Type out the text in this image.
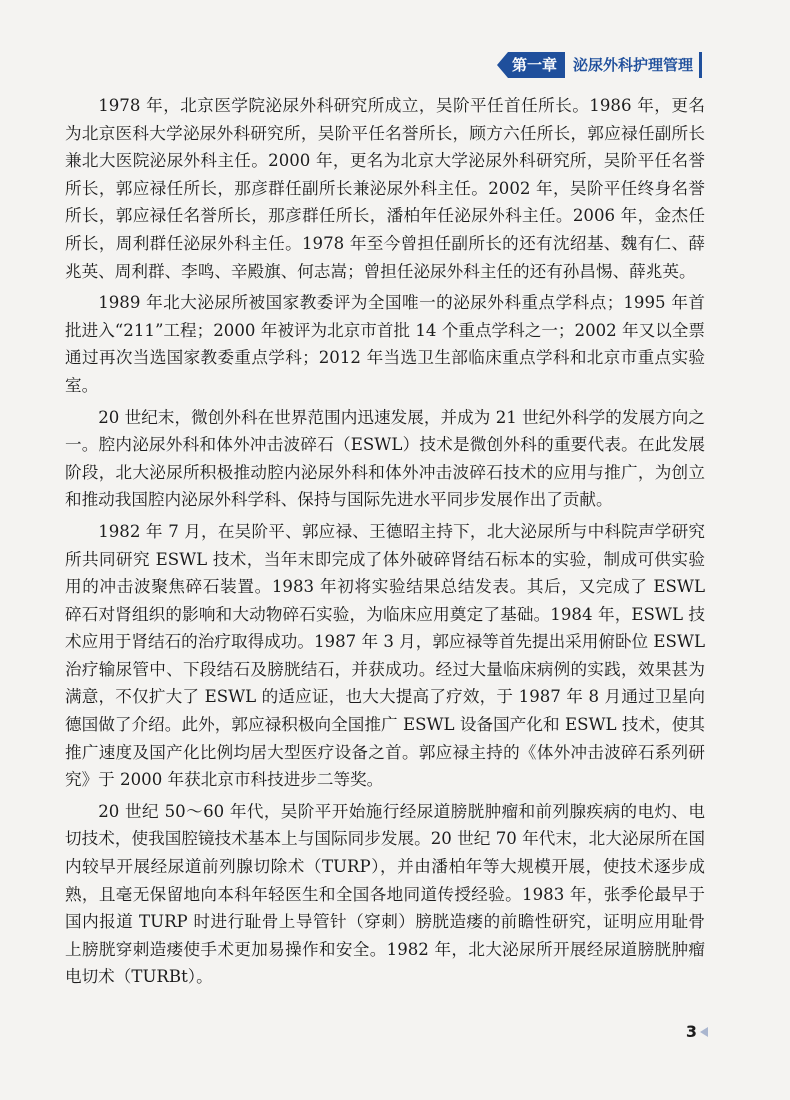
第一章	泌尿外科护理管理

1978 年，北京医学院泌尿外科研究所成立，吴阶平任首任所长。1986 年，更名为北京医科大学泌尿外科研究所，吴阶平任名誉所长，顾方六任所长，郭应禄任副所长兼北大医院泌尿外科主任。2000 年，更名为北京大学泌尿外科研究所，吴阶平任名誉所长，郭应禄任所长，那彦群任副所长兼泌尿外科主任。2002 年，吴阶平任终身名誉所长，郭应禄任名誉所长，那彦群任所长，潘柏年任泌尿外科主任。2006 年，金杰任所长，周利群任泌尿外科主任。1978 年至今曾担任副所长的还有沈绍基、魏有仁、薛兆英、周利群、李鸣、辛殿旗、何志嵩；曾担任泌尿外科主任的还有孙昌惕、薛兆英。

1989 年北大泌尿所被国家教委评为全国唯一的泌尿外科重点学科点；1995 年首批进入“211”工程；2000 年被评为北京市首批 14 个重点学科之一；2002 年又以全票通过再次当选国家教委重点学科；2012 年当选卫生部临床重点学科和北京市重点实验室。

20 世纪末，微创外科在世界范围内迅速发展，并成为 21 世纪外科学的发展方向之一。腔内泌尿外科和体外冲击波碎石（ESWL）技术是微创外科的重要代表。在此发展阶段，北大泌尿所积极推动腔内泌尿外科和体外冲击波碎石技术的应用与推广，为创立和推动我国腔内泌尿外科学科、保持与国际先进水平同步发展作出了贡献。

1982 年 7 月，在吴阶平、郭应禄、王德昭主持下，北大泌尿所与中科院声学研究所共同研究 ESWL 技术，当年末即完成了体外破碎肾结石标本的实验，制成可供实验用的冲击波聚焦碎石装置。1983 年初将实验结果总结发表。其后，又完成了 ESWL 碎石对肾组织的影响和大动物碎石实验，为临床应用奠定了基础。1984 年，ESWL 技术应用于肾结石的治疗取得成功。1987 年 3 月，郭应禄等首先提出采用俯卧位 ESWL 治疗输尿管中、下段结石及膀胱结石，并获成功。经过大量临床病例的实践，效果甚为满意，不仅扩大了 ESWL 的适应证，也大大提高了疗效，于 1987 年 8 月通过卫星向德国做了介绍。此外，郭应禄积极向全国推广 ESWL 设备国产化和 ESWL 技术，使其推广速度及国产化比例均居大型医疗设备之首。郭应禄主持的《体外冲击波碎石系列研究》于 2000 年获北京市科技进步二等奖。

20 世纪 50～60 年代，吴阶平开始施行经尿道膀胱肿瘤和前列腺疾病的电灼、电切技术，使我国腔镜技术基本上与国际同步发展。20 世纪 70 年代末，北大泌尿所在国内较早开展经尿道前列腺切除术（TURP），并由潘柏年等大规模开展，使技术逐步成熟，且毫无保留地向本科年轻医生和全国各地同道传授经验。1983 年，张季伦最早于国内报道 TURP 时进行耻骨上导管针（穿刺）膀胱造瘘的前瞻性研究，证明应用耻骨上膀胱穿刺造瘘使手术更加易操作和安全。1982 年，北大泌尿所开展经尿道膀胱肿瘤电切术（TURBt）。

3
